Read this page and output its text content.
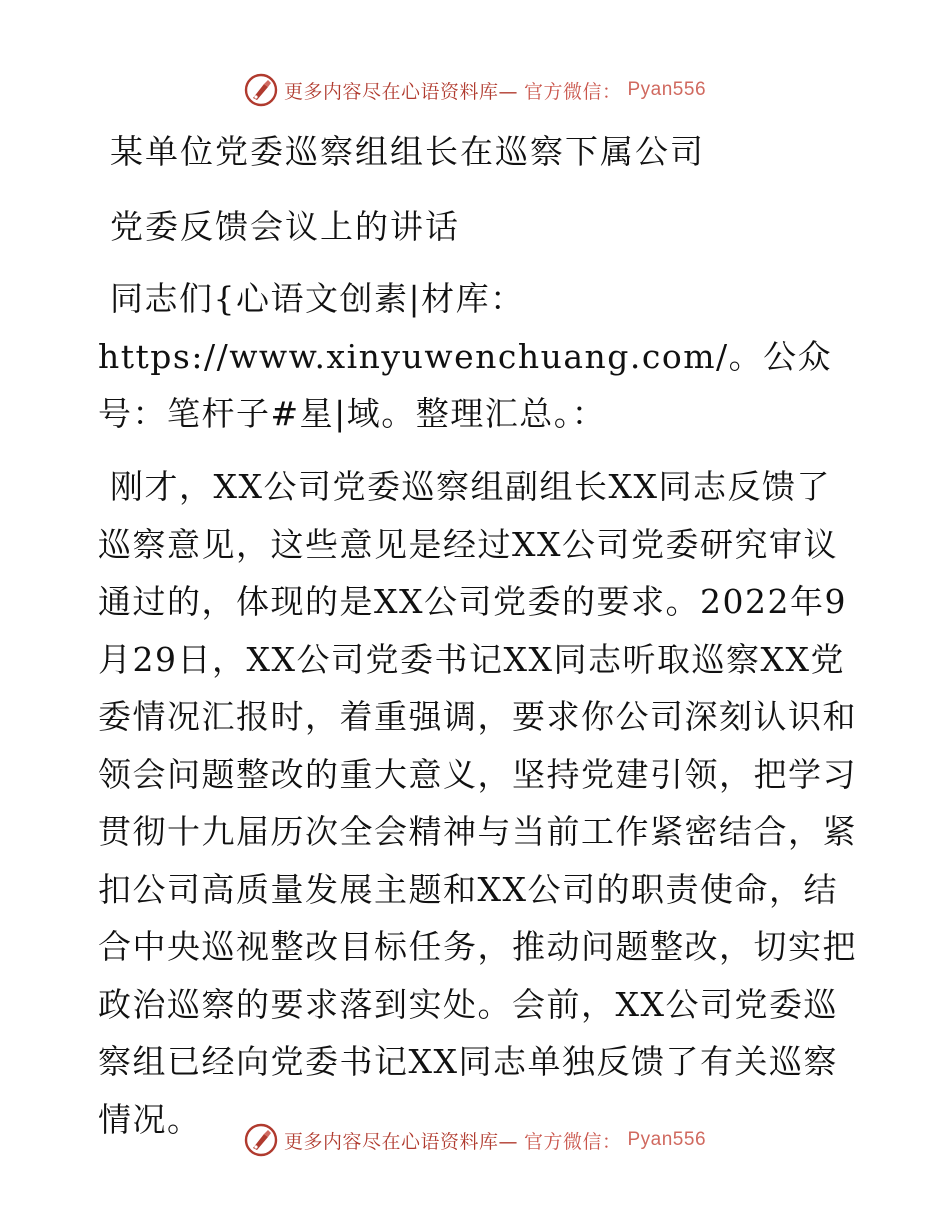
更多内容尽在心语资料库— 官方微信： Pyan556
某单位党委巡察组组长在巡察下属公司
党委反馈会议上的讲话

同志们{心语文创素|材库：https://www.xinyuwenchuang.com/。公众号：笔杆子#星|域。整理汇总。：

刚才，XX公司党委巡察组副组长XX同志反馈了巡察意见，这些意见是经过XX公司党委研究审议通过的，体现的是XX公司党委的要求。2022年9月29日，XX公司党委书记XX同志听取巡察XX党委情况汇报时，着重强调，要求你公司深刻认识和领会问题整改的重大意义，坚持党建引领，把学习贯彻十九届历次全会精神与当前工作紧密结合，紧扣公司高质量发展主题和XX公司的职责使命，结合中央巡视整改目标任务，推动问题整改，切实把政治巡察的要求落到实处。会前，XX公司党委巡察组已经向党委书记XX同志单独反馈了有关巡察情况。

更多内容尽在心语资料库— 官方微信： Pyan556
